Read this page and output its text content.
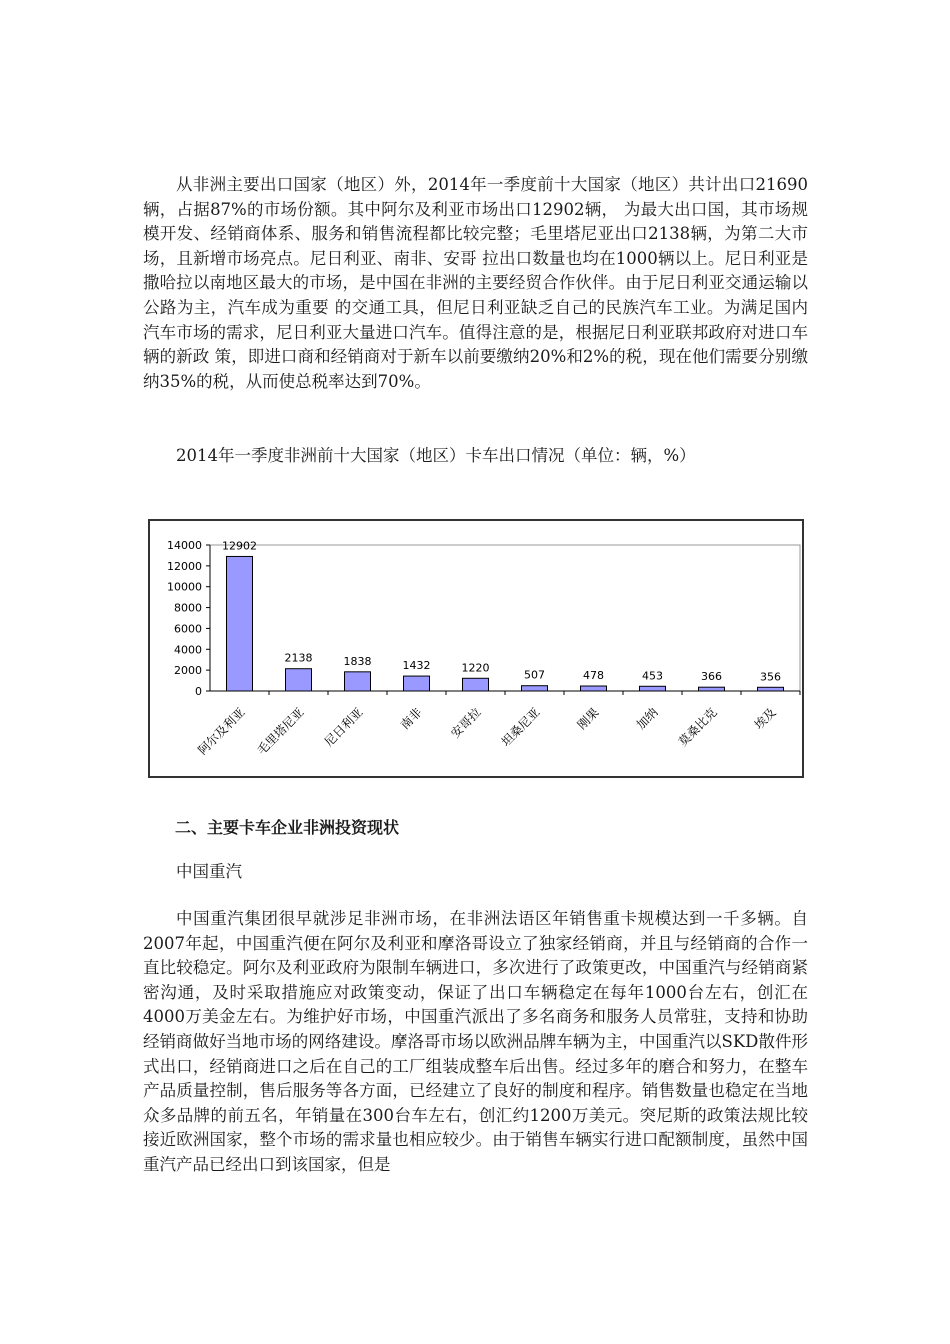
从非洲主要出口国家（地区）外，2014年一季度前十大国家（地区）共计出口21690辆，占据87%的市场份额。其中阿尔及利亚市场出口12902辆， 为最大出口国，其市场规模开发、经销商体系、服务和销售流程都比较完整；毛里塔尼亚出口2138辆，为第二大市场，且新增市场亮点。尼日利亚、南非、安哥 拉出口数量也均在1000辆以上。尼日利亚是撒哈拉以南地区最大的市场，是中国在非洲的主要经贸合作伙伴。由于尼日利亚交通运输以公路为主，汽车成为重要 的交通工具，但尼日利亚缺乏自己的民族汽车工业。为满足国内汽车市场的需求，尼日利亚大量进口汽车。值得注意的是，根据尼日利亚联邦政府对进口车辆的新政 策，即进口商和经销商对于新车以前要缴纳20%和2%的税，现在他们需要分别缴纳35%的税，从而使总税率达到70%。

2014年一季度非洲前十大国家（地区）卡车出口情况（单位：辆，%）

0
2000
4000
6000
8000
10000
12000
14000 12902
阿尔及利亚
2138
毛里塔尼亚
1838
尼日利亚
1432
南非
1220
安哥拉
507
坦桑尼亚
478
刚果
453
加纳
366
莫桑比克
356
埃及

二、主要卡车企业非洲投资现状

中国重汽

中国重汽集团很早就涉足非洲市场，在非洲法语区年销售重卡规模达到一千多辆。自2007年起，中国重汽便在阿尔及利亚和摩洛哥设立了独家经销商，并且与经销商的合作一直比较稳定。阿尔及利亚政府为限制车辆进口，多次进行了政策更改，中国重汽与经销商紧密沟通，及时采取措施应对政策变动，保证了出口车辆稳定在每年1000台左右，创汇在4000万美金左右。为维护好市场，中国重汽派出了多名商务和服务人员常驻，支持和协助经销商做好当地市场的网络建设。摩洛哥市场以欧洲品牌车辆为主，中国重汽以SKD散件形式出口，经销商进口之后在自己的工厂组装成整车后出售。经过多年的磨合和努力，在整车产品质量控制，售后服务等各方面，已经建立了良好的制度和程序。销售数量也稳定在当地众多品牌的前五名，年销量在300台车左右，创汇约1200万美元。突尼斯的政策法规比较接近欧洲国家，整个市场的需求量也相应较少。由于销售车辆实行进口配额制度，虽然中国重汽产品已经出口到该国家，但是
